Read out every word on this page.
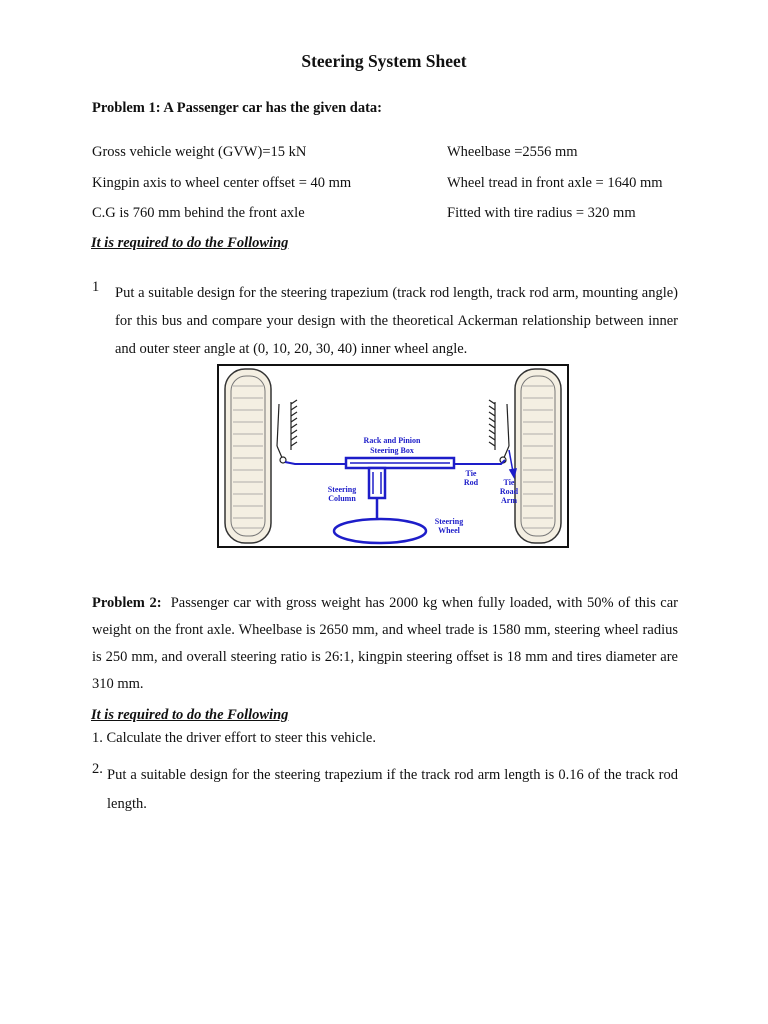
Steering System Sheet
Problem 1: A Passenger car has the given data:
Gross vehicle weight (GVW)=15 kN
Kingpin axis to wheel center offset = 40 mm
C.G is 760 mm behind the front axle
Wheelbase =2556 mm
Wheel tread in front axle = 1640 mm
Fitted with tire radius = 320 mm
It is required to do the Following
1 Put a suitable design for the steering trapezium (track rod length, track rod arm, mounting angle) for this bus and compare your design with the theoretical Ackerman relationship between inner and outer steer angle at (0, 10, 20, 30, 40) inner wheel angle.
Rack and Pinion
Steering Box
Tie
Rod	Tie
Road
Arm
Steering
Column
Steering
Wheel
Problem 2: Passenger car with gross weight has 2000 kg when fully loaded, with 50% of this car weight on the front axle. Wheelbase is 2650 mm, and wheel trade is 1580 mm, steering wheel radius is 250 mm, and overall steering ratio is 26:1, kingpin steering offset is 18 mm and tires diameter are 310 mm.
It is required to do the Following
1. Calculate the driver effort to steer this vehicle.
2. Put a suitable design for the steering trapezium if the track rod arm length is 0.16 of the track rod length.
